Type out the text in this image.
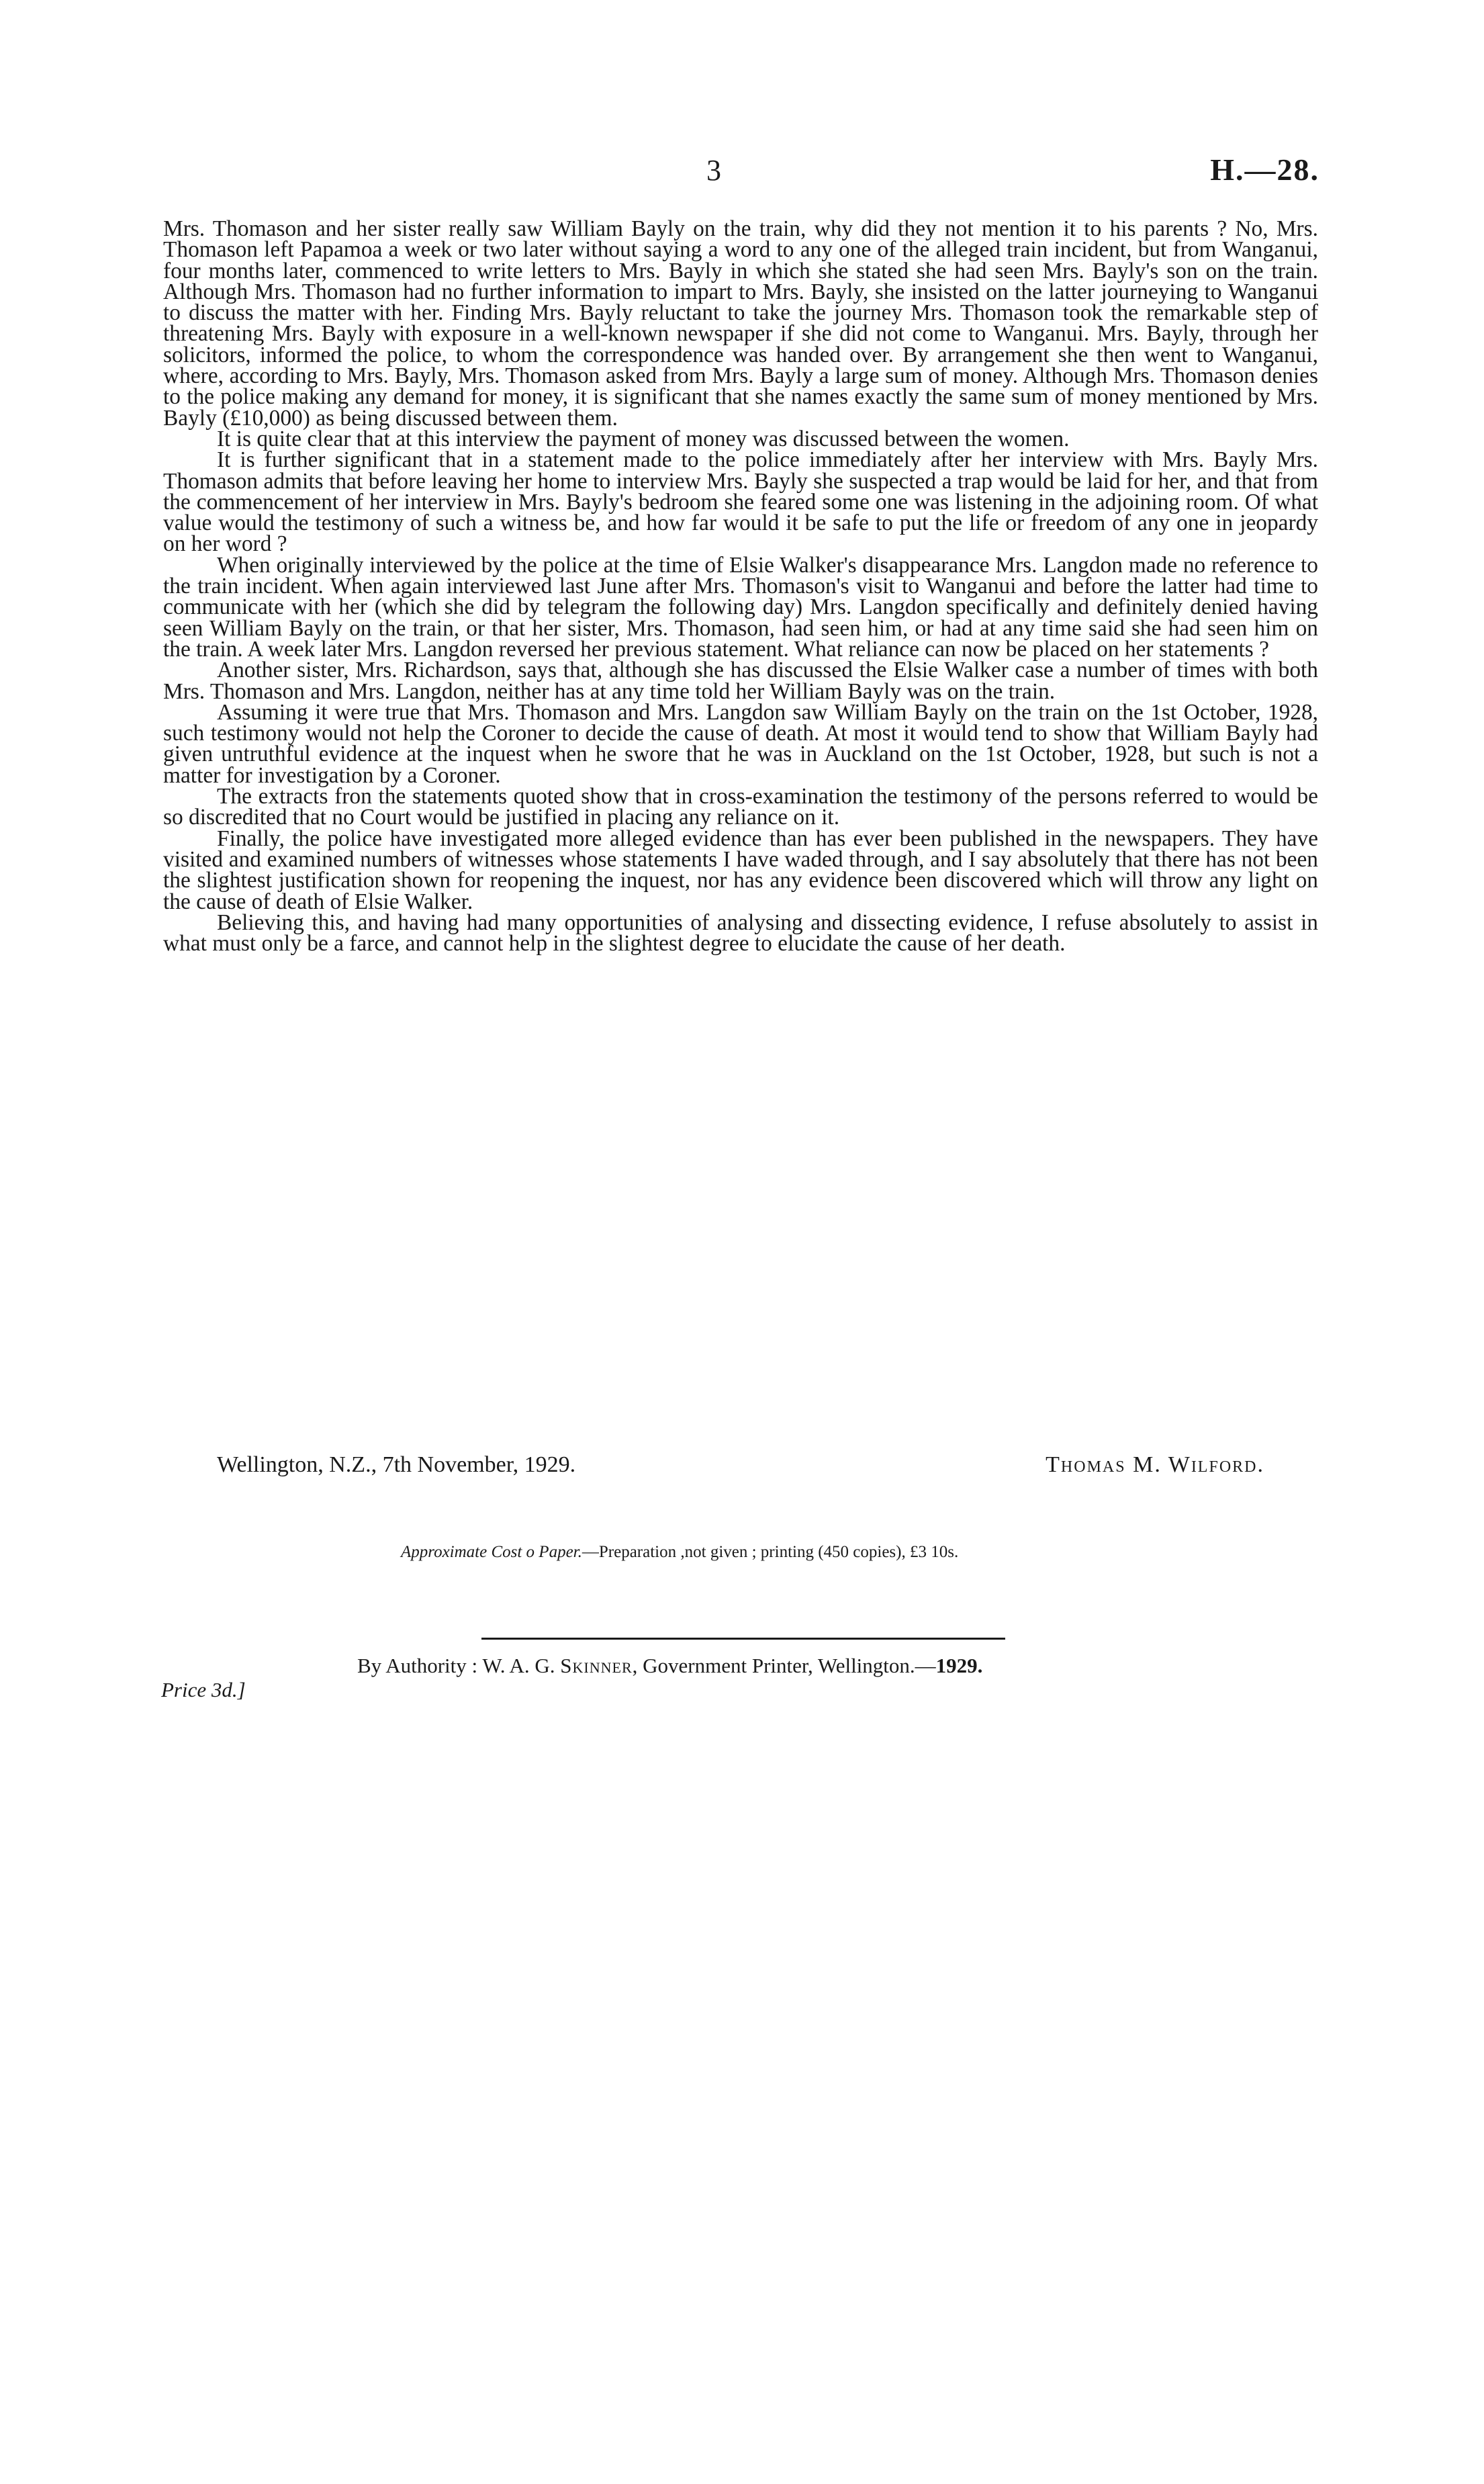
3	H.—28.

Mrs. Thomason and her sister really saw William Bayly on the train, why did they not mention it to his parents ? No, Mrs. Thomason left Papamoa a week or two later without saying a word to any one of the alleged train incident, but from Wanganui, four months later, commenced to write letters to Mrs. Bayly in which she stated she had seen Mrs. Bayly's son on the train. Although Mrs. Thomason had no further information to impart to Mrs. Bayly, she insisted on the latter journeying to Wanganui to discuss the matter with her. Finding Mrs. Bayly reluctant to take the journey Mrs. Thomason took the remarkable step of threatening Mrs. Bayly with exposure in a well-known newspaper if she did not come to Wanganui. Mrs. Bayly, through her solicitors, informed the police, to whom the correspondence was handed over. By arrangement she then went to Wanganui, where, according to Mrs. Bayly, Mrs. Thomason asked from Mrs. Bayly a large sum of money. Although Mrs. Thomason denies to the police making any demand for money, it is significant that she names exactly the same sum of money mentioned by Mrs. Bayly (£10,000) as being discussed between them.

It is quite clear that at this interview the payment of money was discussed between the women.

It is further significant that in a statement made to the police immediately after her interview with Mrs. Bayly Mrs. Thomason admits that before leaving her home to interview Mrs. Bayly she suspected a trap would be laid for her, and that from the commencement of her interview in Mrs. Bayly's bedroom she feared some one was listening in the adjoining room. Of what value would the testimony of such a witness be, and how far would it be safe to put the life or freedom of any one in jeopardy on her word ?

When originally interviewed by the police at the time of Elsie Walker's disappearance Mrs. Langdon made no reference to the train incident. When again interviewed last June after Mrs. Thomason's visit to Wanganui and before the latter had time to communicate with her (which she did by telegram the following day) Mrs. Langdon specifically and definitely denied having seen William Bayly on the train, or that her sister, Mrs. Thomason, had seen him, or had at any time said she had seen him on the train. A week later Mrs. Langdon reversed her previous statement. What reliance can now be placed on her statements ?

Another sister, Mrs. Richardson, says that, although she has discussed the Elsie Walker case a number of times with both Mrs. Thomason and Mrs. Langdon, neither has at any time told her William Bayly was on the train.

Assuming it were true that Mrs. Thomason and Mrs. Langdon saw William Bayly on the train on the 1st October, 1928, such testimony would not help the Coroner to decide the cause of death. At most it would tend to show that William Bayly had given untruthful evidence at the inquest when he swore that he was in Auckland on the 1st October, 1928, but such is not a matter for investigation by a Coroner.

The extracts fron the statements quoted show that in cross-examination the testimony of the persons referred to would be so discredited that no Court would be justified in placing any reliance on it.

Finally, the police have investigated more alleged evidence than has ever been published in the newspapers. They have visited and examined numbers of witnesses whose statements I have waded through, and I say absolutely that there has not been the slightest justification shown for reopening the inquest, nor has any evidence been discovered which will throw any light on the cause of death of Elsie Walker.

Believing this, and having had many opportunities of analysing and dissecting evidence, I refuse absolutely to assist in what must only be a farce, and cannot help in the slightest degree to elucidate the cause of her death.

Wellington, N.Z., 7th November, 1929.	Thomas M. Wilford.
Approximate Cost o Paper.—Preparation ,not given ; printing (450 copies), £3 10s.
By Authority : W. A. G. Skinner, Government Printer, Wellington.—1929.
Price 3d.]
